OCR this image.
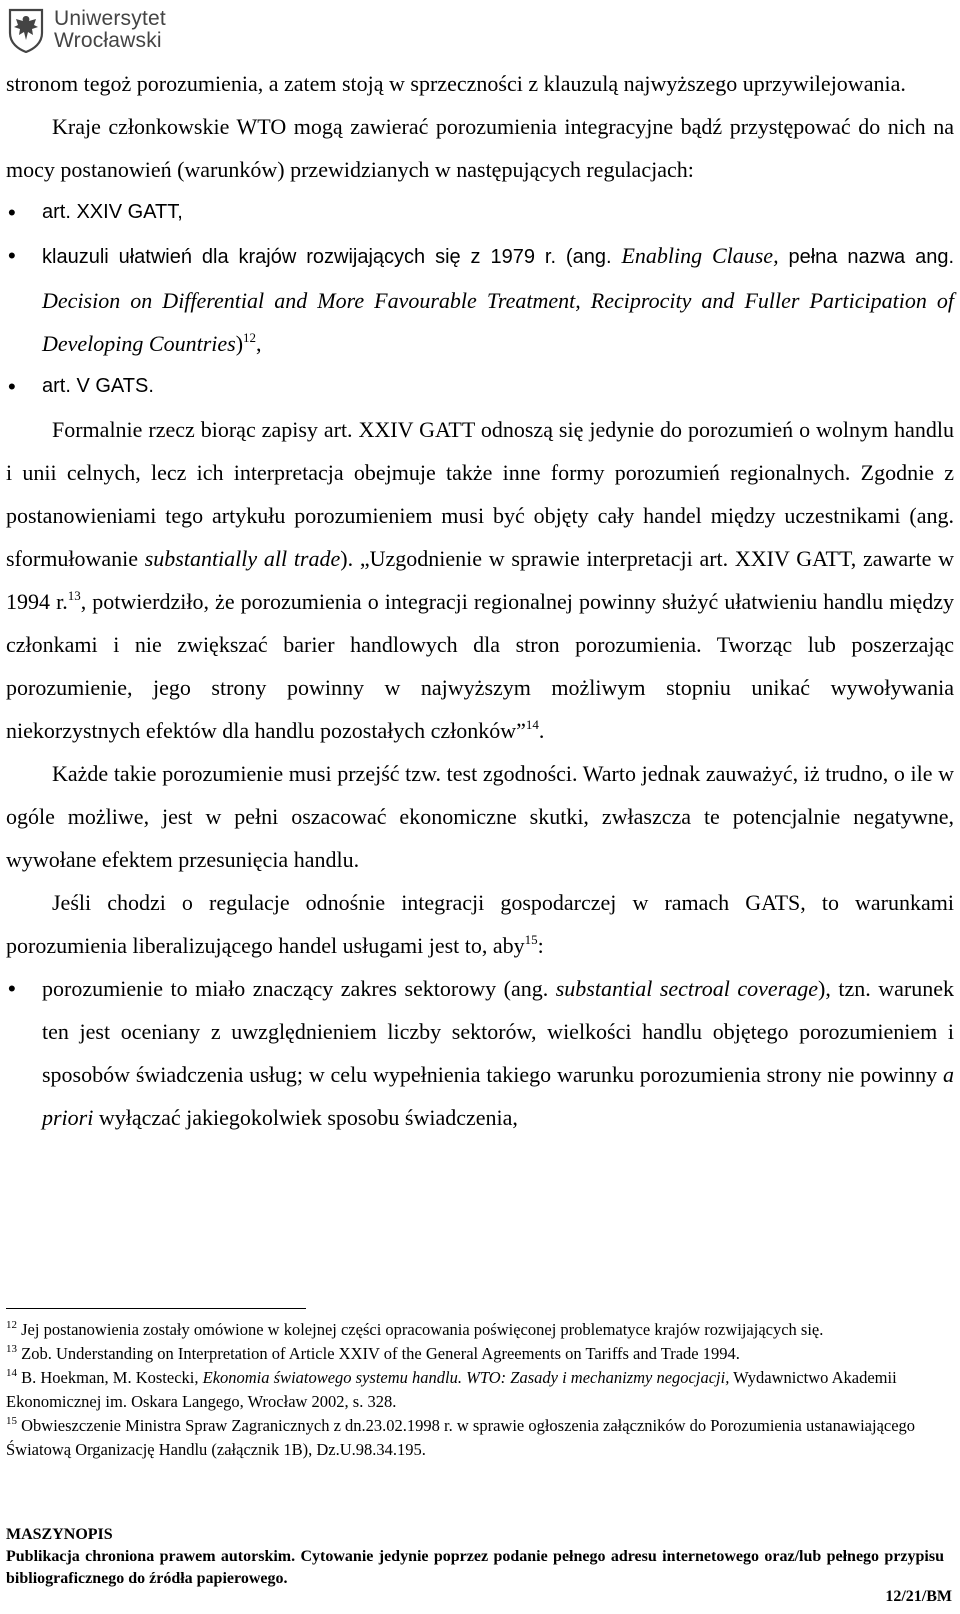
Uniwersytet
Wrocławski

stronom tegoż porozumienia, a zatem stoją w sprzeczności z klauzulą najwyższego uprzywilejowania.

Kraje członkowskie WTO mogą zawierać porozumienia integracyjne bądź przystępować do nich na mocy postanowień (warunków) przewidzianych w następujących regulacjach:

• art. XXIV GATT,
• klauzuli ułatwień dla krajów rozwijających się z 1979 r. (ang. Enabling Clause, pełna nazwa ang. Decision on Differential and More Favourable Treatment, Reciprocity and Fuller Participation of Developing Countries)$^{12}$,
• art. V GATS.

Formalnie rzecz biorąc zapisy art. XXIV GATT odnoszą się jedynie do porozumień o wolnym handlu i unii celnych, lecz ich interpretacja obejmuje także inne formy porozumień regionalnych. Zgodnie z postanowieniami tego artykułu porozumieniem musi być objęty cały handel między uczestnikami (ang. sformułowanie substantially all trade). „Uzgodnienie w sprawie interpretacji art. XXIV GATT, zawarte w 1994 r.$^{13}$, potwierdziło, że porozumienia o integracji regionalnej powinny służyć ułatwieniu handlu między członkami i nie zwiększać barier handlowych dla stron porozumienia. Tworząc lub poszerzając porozumienie, jego strony powinny w najwyższym możliwym stopniu unikać wywoływania niekorzystnych efektów dla handlu pozostałych członków”$^{14}$.

Każde takie porozumienie musi przejść tzw. test zgodności. Warto jednak zauważyć, iż trudno, o ile w ogóle możliwe, jest w pełni oszacować ekonomiczne skutki, zwłaszcza te potencjalnie negatywne, wywołane efektem przesunięcia handlu.

Jeśli chodzi o regulacje odnośnie integracji gospodarczej w ramach GATS, to warunkami porozumienia liberalizującego handel usługami jest to, aby$^{15}$:

• porozumienie to miało znaczący zakres sektorowy (ang. substantial sectroal coverage), tzn. warunek ten jest oceniany z uwzględnieniem liczby sektorów, wielkości handlu objętego porozumieniem i sposobów świadczenia usług; w celu wypełnienia takiego warunku porozumienia strony nie powinny a priori wyłączać jakiegokolwiek sposobu świadczenia,

$^{12}$ Jej postanowienia zostały omówione w kolejnej części opracowania poświęconej problematyce krajów rozwijających się.

$^{13}$ Zob. Understanding on Interpretation of Article XXIV of the General Agreements on Tariffs and Trade 1994.

$^{14}$ B. Hoekman, M. Kostecki, Ekonomia światowego systemu handlu. WTO: Zasady i mechanizmy negocjacji, Wydawnictwo Akademii Ekonomicznej im. Oskara Langego, Wrocław 2002, s. 328.

$^{15}$ Obwieszczenie Ministra Spraw Zagranicznych z dn.23.02.1998 r. w sprawie ogłoszenia załączników do Porozumienia ustanawiającego Światową Organizację Handlu (załącznik 1B), Dz.U.98.34.195.

MASZYNOPIS

Publikacja chroniona prawem autorskim. Cytowanie jedynie poprzez podanie pełnego adresu internetowego oraz/lub pełnego przypisu bibliograficznego do źródła papierowego.

12/21/BM
